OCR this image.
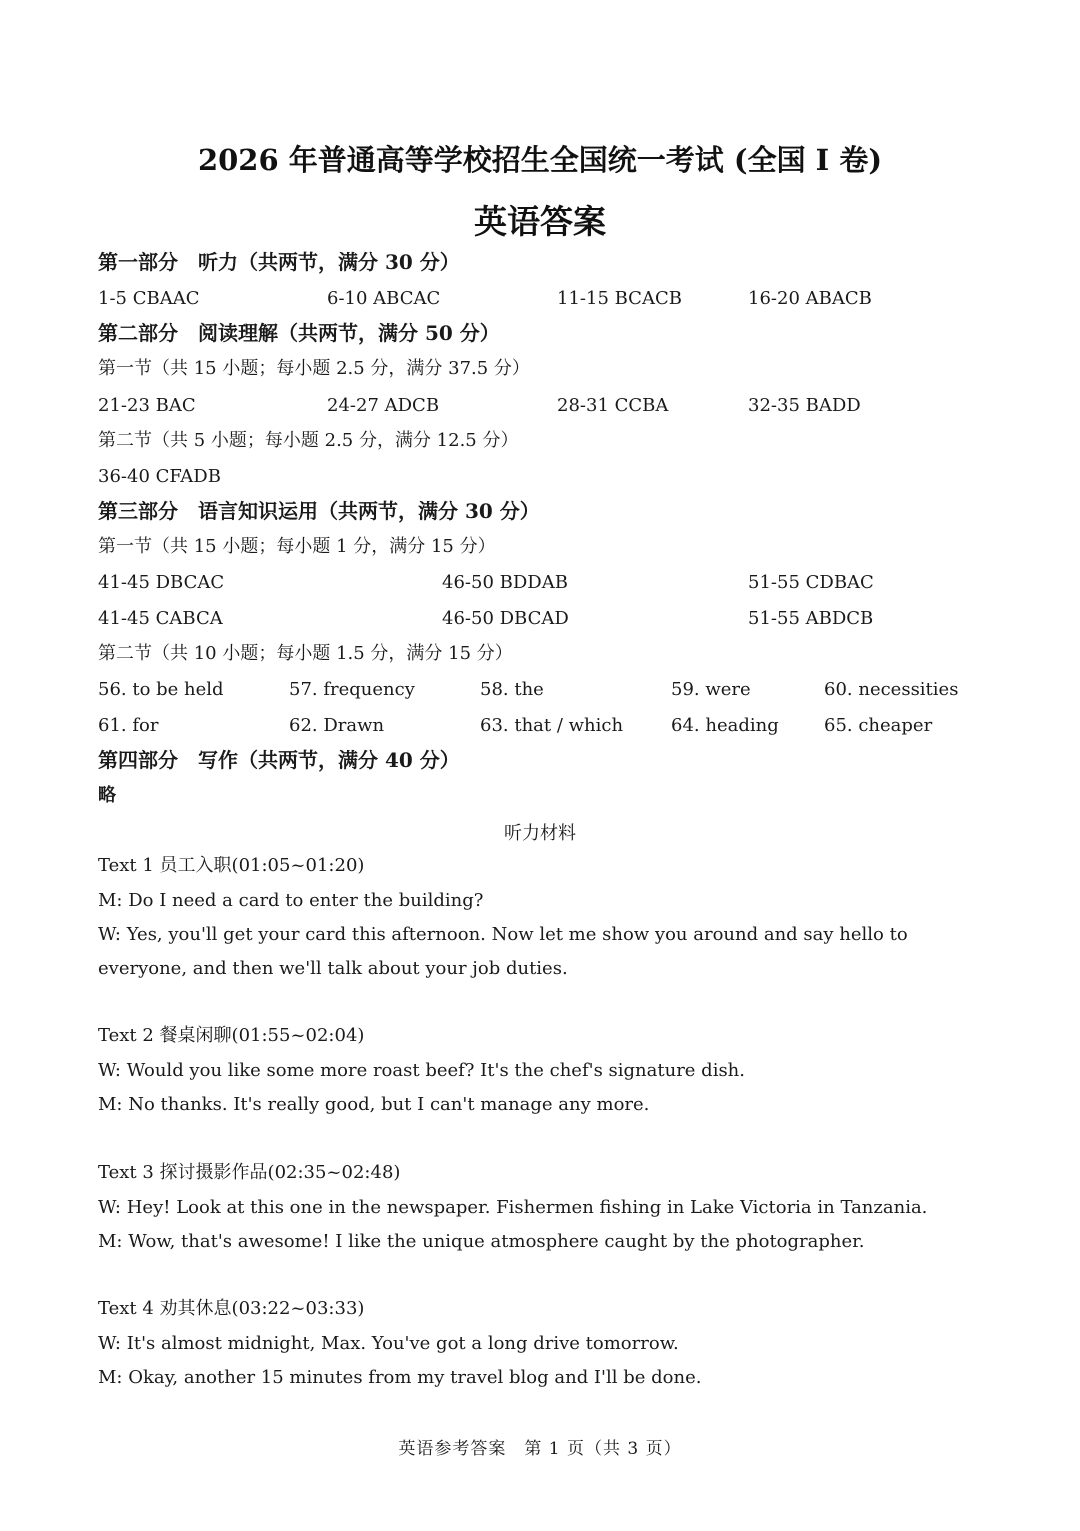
2026 年普通高等学校招生全国统一考试 (全国 I 卷)
英语答案
第一部分　听力（共两节，满分 30 分）
1-5 CBAAC	6-10 ABCAC	11-15 BCACB	16-20 ABACB
第二部分　阅读理解（共两节，满分 50 分）
第一节（共 15 小题；每小题 2.5 分，满分 37.5 分）
21-23 BAC	24-27 ADCB	28-31 CCBA	32-35 BADD
第二节（共 5 小题；每小题 2.5 分，满分 12.5 分）
36-40 CFADB
第三部分　语言知识运用（共两节，满分 30 分）
第一节（共 15 小题；每小题 1 分，满分 15 分）
41-45 DBCAC	46-50 BDDAB	51-55 CDBAC
41-45 CABCA	46-50 DBCAD	51-55 ABDCB
第二节（共 10 小题；每小题 1.5 分，满分 15 分）
56. to be held	57. frequency	58. the	59. were	60. necessities
61. for	62. Drawn	63. that / which	64. heading	65. cheaper
第四部分　写作（共两节，满分 40 分）
略
听力材料
Text 1 员工入职(01:05~01:20)
M: Do I need a card to enter the building?
W: Yes, you'll get your card this afternoon. Now let me show you around and say hello to everyone, and then we'll talk about your job duties.
Text 2 餐桌闲聊(01:55~02:04)
W: Would you like some more roast beef? It's the chef's signature dish.
M: No thanks. It's really good, but I can't manage any more.
Text 3 探讨摄影作品(02:35~02:48)
W: Hey! Look at this one in the newspaper. Fishermen fishing in Lake Victoria in Tanzania.
M: Wow, that's awesome! I like the unique atmosphere caught by the photographer.
Text 4 劝其休息(03:22~03:33)
W: It's almost midnight, Max. You've got a long drive tomorrow.
M: Okay, another 15 minutes from my travel blog and I'll be done.
英语参考答案　第 1 页（共 3 页）
